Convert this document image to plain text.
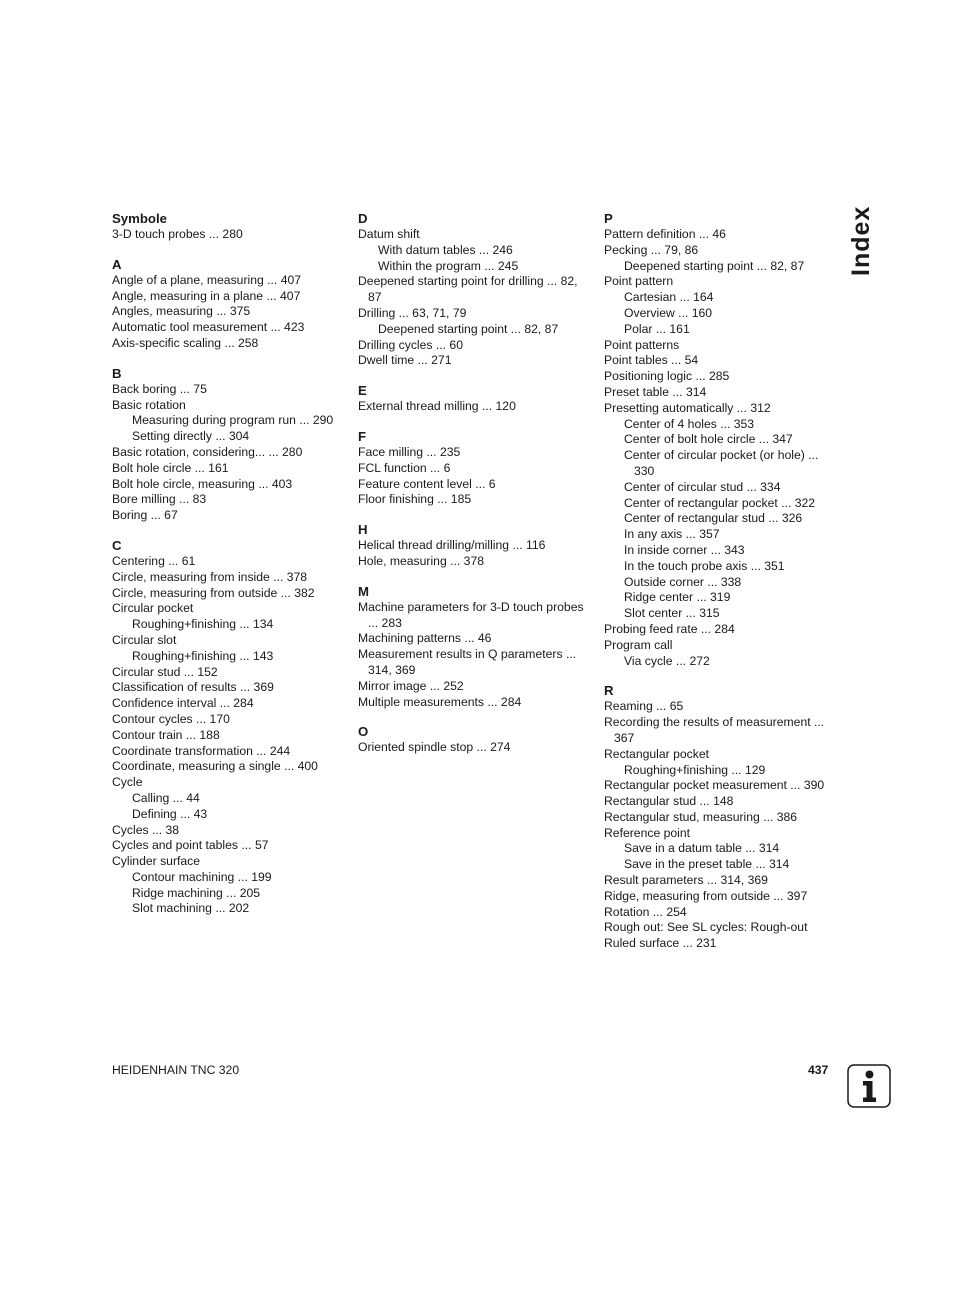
Symbole
3-D touch probes ... 280
A
Angle of a plane, measuring ... 407
Angle, measuring in a plane ... 407
Angles, measuring ... 375
Automatic tool measurement ... 423
Axis-specific scaling ... 258
B
Back boring ... 75
Basic rotation
Measuring during program run ... 290
Setting directly ... 304
Basic rotation, considering... ... 280
Bolt hole circle ... 161
Bolt hole circle, measuring ... 403
Bore milling ... 83
Boring ... 67
C
Centering ... 61
Circle, measuring from inside ... 378
Circle, measuring from outside ... 382
Circular pocket
Roughing+finishing ... 134
Circular slot
Roughing+finishing ... 143
Circular stud ... 152
Classification of results ... 369
Confidence interval ... 284
Contour cycles ... 170
Contour train ... 188
Coordinate transformation ... 244
Coordinate, measuring a single ... 400
Cycle
Calling ... 44
Defining ... 43
Cycles ... 38
Cycles and point tables ... 57
Cylinder surface
Contour machining ... 199
Ridge machining ... 205
Slot machining ... 202
D
Datum shift
With datum tables ... 246
Within the program ... 245
Deepened starting point for drilling ... 82, 87
Drilling ... 63, 71, 79
Deepened starting point ... 82, 87
Drilling cycles ... 60
Dwell time ... 271
E
External thread milling ... 120
F
Face milling ... 235
FCL function ... 6
Feature content level ... 6
Floor finishing ... 185
H
Helical thread drilling/milling ... 116
Hole, measuring ... 378
M
Machine parameters for 3-D touch probes ... 283
Machining patterns ... 46
Measurement results in Q parameters ... 314, 369
Mirror image ... 252
Multiple measurements ... 284
O
Oriented spindle stop ... 274
P
Pattern definition ... 46
Pecking ... 79, 86
Deepened starting point ... 82, 87
Point pattern
Cartesian ... 164
Overview ... 160
Polar ... 161
Point patterns
Point tables ... 54
Positioning logic ... 285
Preset table ... 314
Presetting automatically ... 312
Center of 4 holes ... 353
Center of bolt hole circle ... 347
Center of circular pocket (or hole) ... 330
Center of circular stud ... 334
Center of rectangular pocket ... 322
Center of rectangular stud ... 326
In any axis ... 357
In inside corner ... 343
In the touch probe axis ... 351
Outside corner ... 338
Ridge center ... 319
Slot center ... 315
Probing feed rate ... 284
Program call
Via cycle ... 272
R
Reaming ... 65
Recording the results of measurement ... 367
Rectangular pocket
Roughing+finishing ... 129
Rectangular pocket measurement ... 390
Rectangular stud ... 148
Rectangular stud, measuring ... 386
Reference point
Save in a datum table ... 314
Save in the preset table ... 314
Result parameters ... 314, 369
Ridge, measuring from outside ... 397
Rotation ... 254
Rough out: See SL cycles: Rough-out
Ruled surface ... 231
Index
HEIDENHAIN TNC 320	437
